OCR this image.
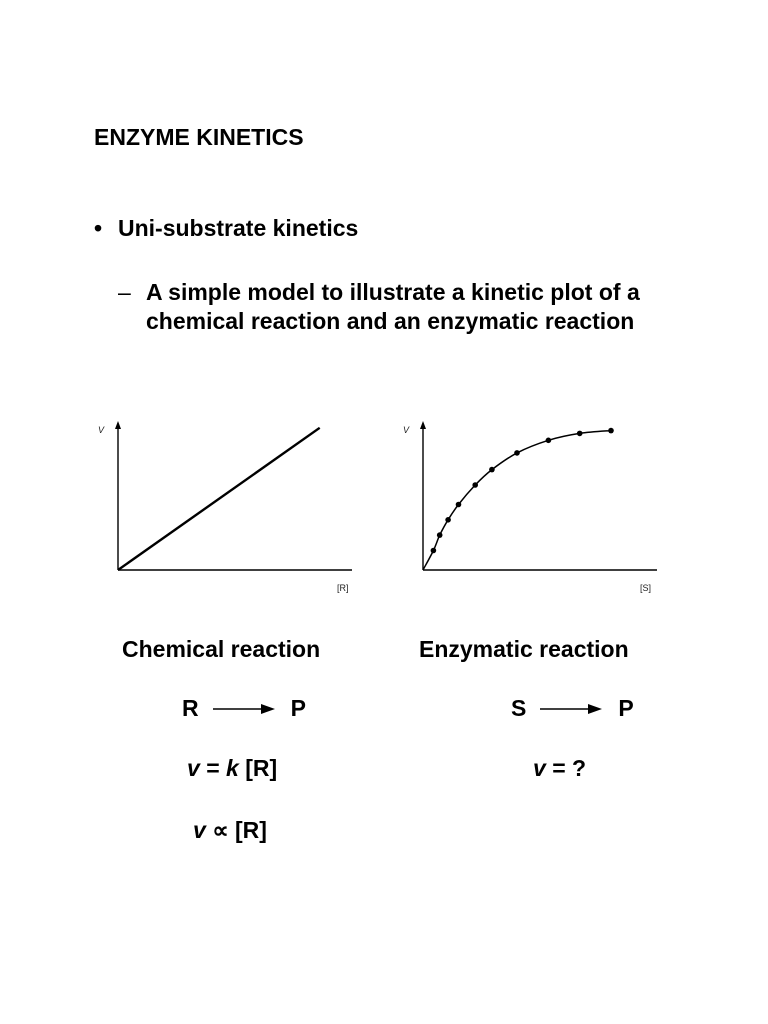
ENZYME KINETICS
• Uni-substrate kinetics
– A simple model to illustrate a kinetic plot of a chemical reaction and an enzymatic reaction
V
[R]
V
[S]
Chemical reaction	Enzymatic reaction
R	P	S	P
v
=
k
[R]	v
= ?
v
∝
[R]
